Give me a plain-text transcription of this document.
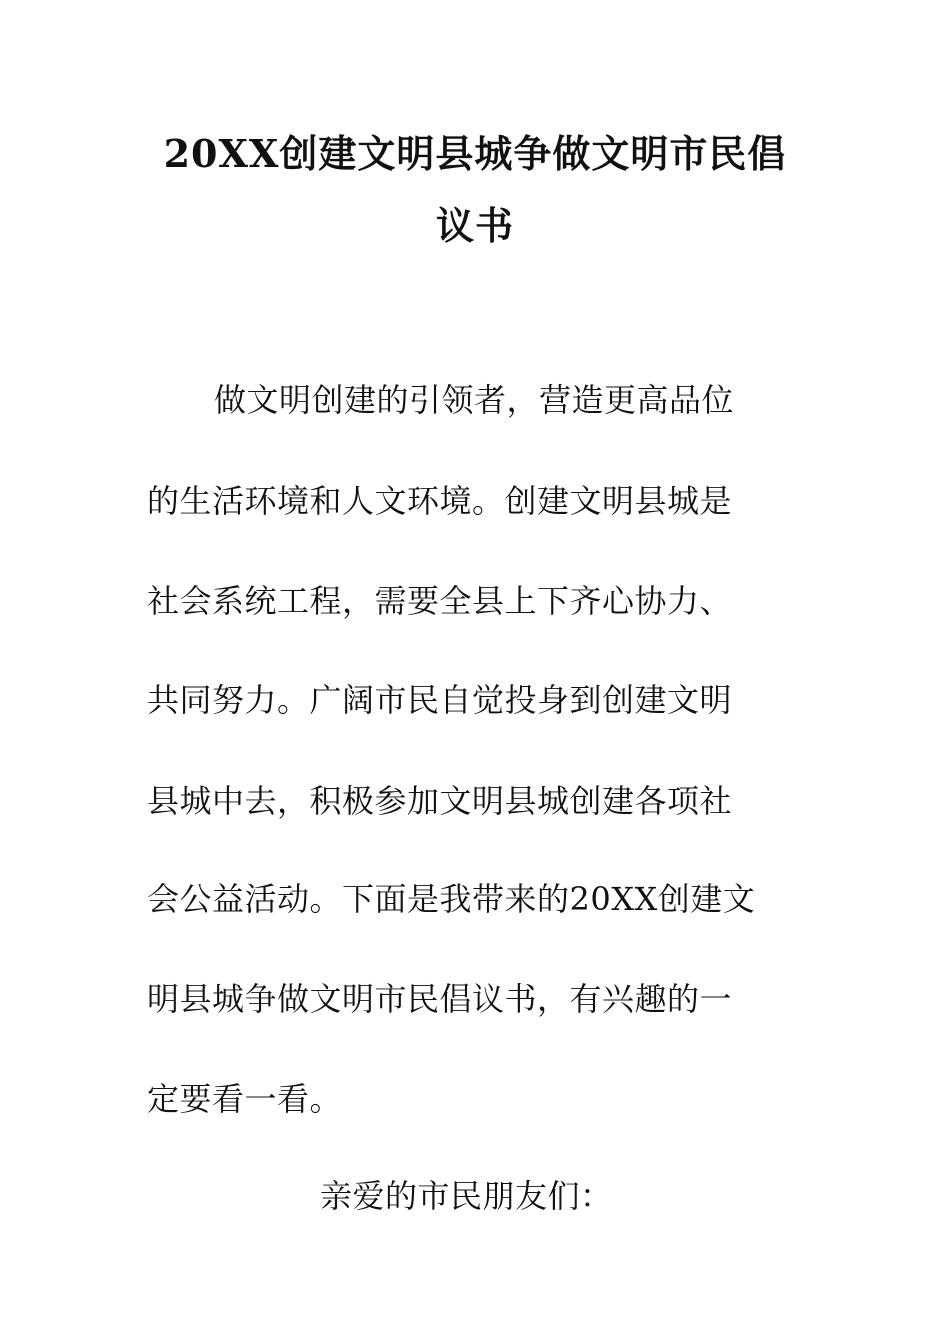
20XX创建文明县城争做文明市民倡
议书

做文明创建的引领者，营造更高品位

的生活环境和人文环境。创建文明县城是

社会系统工程，需要全县上下齐心协力、

共同努力。广阔市民自觉投身到创建文明

县城中去，积极参加文明县城创建各项社

会公益活动。下面是我带来的20XX创建文

明县城争做文明市民倡议书，有兴趣的一

定要看一看。

亲爱的市民朋友们：
